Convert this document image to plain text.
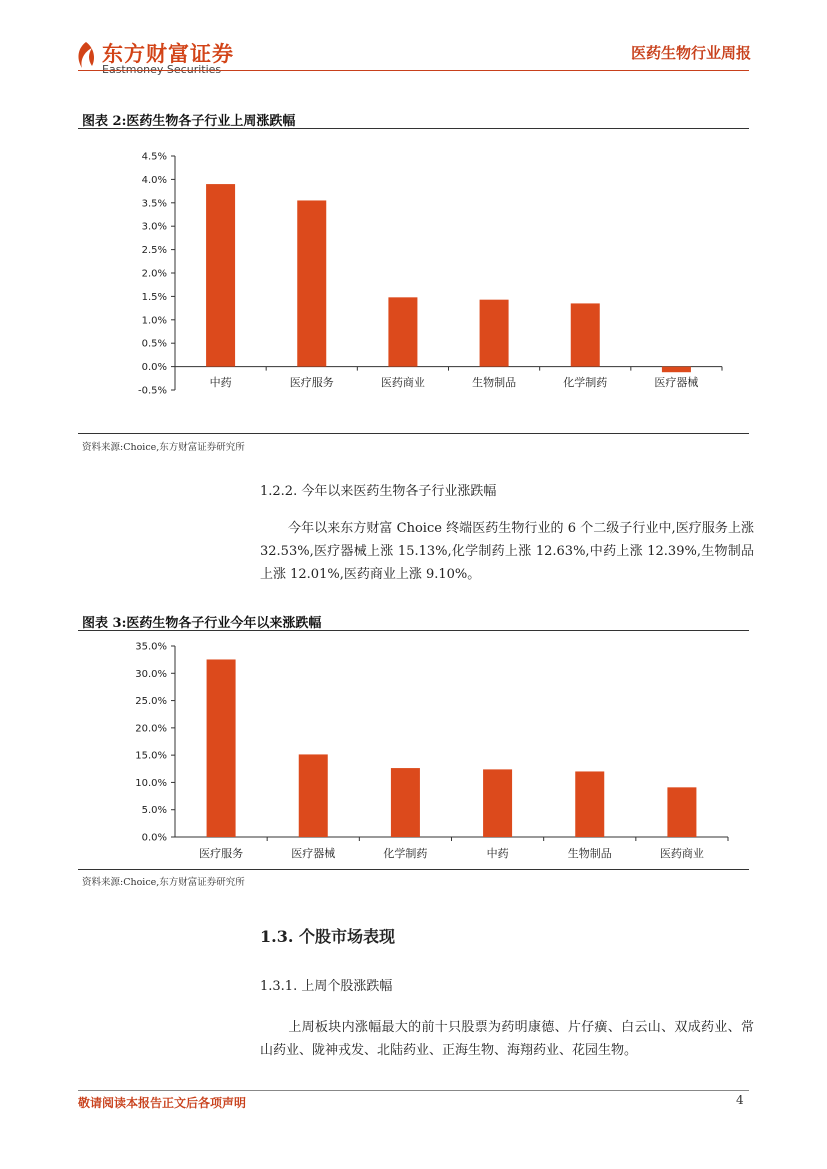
东方财富证券
Eastmoney Securities
医药生物行业周报
图表 2:医药生物各子行业上周涨跌幅
4.5%
4.0%
3.5%
3.0%
2.5%
2.0%
1.5%
1.0%
0.5%
0.0%
-0.5%
中药	医疗服务	医药商业	生物制品	化学制药	医疗器械
资料来源:Choice,东方财富证券研究所
1.2.2. 今年以来医药生物各子行业涨跌幅
今年以来东方财富 Choice 终端医药生物行业的 6 个二级子行业中,医疗服务上涨 32.53%,医疗器械上涨 15.13%,化学制药上涨 12.63%,中药上涨 12.39%,生物制品上涨 12.01%,医药商业上涨 9.10%。
图表 3:医药生物各子行业今年以来涨跌幅
35.0%
30.0%
25.0%
20.0%
15.0%
10.0%
5.0%
0.0%
医疗服务	医疗器械	化学制药	中药	生物制品	医药商业
资料来源:Choice,东方财富证券研究所
1.3. 个股市场表现
1.3.1. 上周个股涨跌幅
上周板块内涨幅最大的前十只股票为药明康德、片仔癀、白云山、双成药业、常山药业、陇神戎发、北陆药业、正海生物、海翔药业、花园生物。
敬请阅读本报告正文后各项声明	4
